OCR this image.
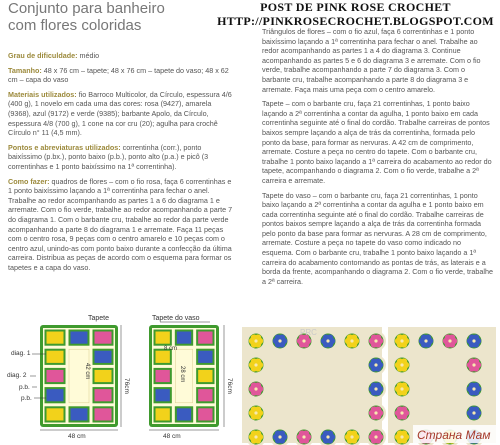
Conjunto para banheiro
com flores coloridas
POST DE PINK ROSE CROCHET
HTTP://PINKROSECROCHET.BLOGSPOT.COM

Grau de dificuldade: médio

Tamanho: 48 x 76 cm – tapete; 48 x 76 cm – tapete do vaso; 48 x 62 cm – capa do vaso

Materiais utilizados: fio Barroco Multicolor, da Círculo, espessura 4/6 (400 g), 1 novelo em cada uma das cores: rosa (9427), amarela (9368), azul (9172) e verde (9385); barbante Apolo, da Círculo, espessura 4/8 (700 g), 1 cone na cor cru (20); agulha para crochê Círculo n° 11 (4,5 mm).

Pontos e abreviaturas utilizados: correntinha (corr.), ponto baixíssimo (p.bx.), ponto baixo (p.b.), ponto alto (p.a.) e picô (3 correntinhas e 1 ponto baixíssimo na 1ª correntinha).

Como fazer: quadros de flores – com o fio rosa, faça 6 correntinhas e 1 ponto baixíssimo laçando a 1ª correntinha para fechar o anel. Trabalhe ao redor acompanhando as partes 1 a 6 do diagrama 1 e arremate. Com o fio verde, trabalhe ao redor acompanhando a parte 7 do diagrama 1. Com o barbante cru, trabalhe ao redor da parte verde acompanhando a parte 8 do diagrama 1 e arremate. Faça 11 peças com o centro rosa, 9 peças com o centro amarelo e 10 peças com o centro azul, unindo-as com ponto baixo durante a confecção da última carreira. Distribua as peças de acordo com o esquema para formar os tapetes e a capa do vaso.

Triângulos de flores – com o fio azul, faça 6 correntinhas e 1 ponto baixíssimo laçando a 1ª correntinha para fechar o anel. Trabalhe ao redor acompanhando as partes 1 a 4 do diagrama 3. Continue acompanhando as partes 5 e 6 do diagrama 3 e arremate. Com o fio verde, trabalhe acompanhando a parte 7 do diagrama 3. Com o barbante cru, trabalhe acompanhando a parte 8 do diagrama 3 e arremate. Faça mais uma peça com o centro amarelo.

Tapete – com o barbante cru, faça 21 correntinhas, 1 ponto baixo laçando a 2ª correntinha a contar da agulha, 1 ponto baixo em cada correntinha seguinte até o final do cordão. Trabalhe carreiras de pontos baixos sempre laçando a alça de trás da correntinha, formada pelo ponto da base, para formar as nervuras. A 42 cm de comprimento, arremate. Costure a peça no centro do tapete. Com o barbante cru, trabalhe 1 ponto baixo laçando a 1ª carreira do acabamento ao redor do tapete, acompanhando o diagrama 2. Com o fio verde, trabalhe a 2ª carreira e arremate.

Tapete do vaso – com o barbante cru, faça 21 correntinhas, 1 ponto baixo laçando a 2ª correntinha a contar da agulha e 1 ponto baixo em cada correntinha seguinte até o final do cordão. Trabalhe carreiras de pontos baixos sempre laçando a alça de trás da correntinha formada pelo ponto da base para formar as nervuras. A 28 cm de comprimento, arremate. Costure a peça no tapete do vaso como indicado no esquema. Com o barbante cru, trabalhe 1 ponto baixo laçando a 1ª carreira do acabamento contornando as pontas de trás, as laterais e a borda da frente, acompanhando o diagrama 2. Com o fio verde, trabalhe a 2ª carreira.

Tapete	Tapete do vaso
48 cm	48 cm
76cm	76cm
42 cm	28 cm
8 cm
diag. 1
diag. 2
p.b.
p.b.
PRC
Страна Мам
